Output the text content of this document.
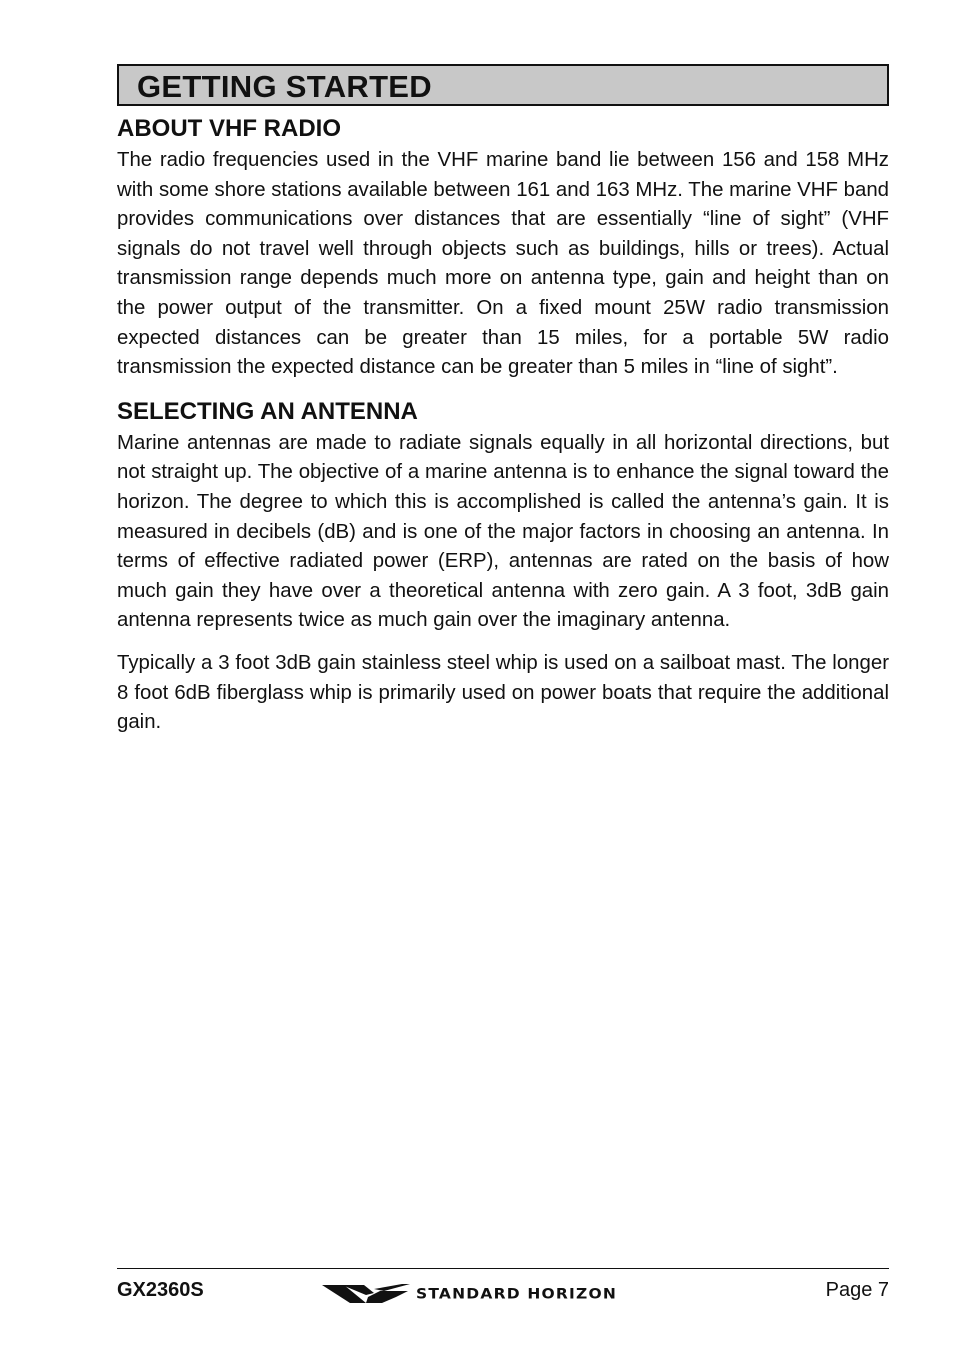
GETTING STARTED
ABOUT VHF RADIO

The radio frequencies used in the VHF marine band lie between 156 and 158 MHz with some shore stations available between 161 and 163 MHz. The marine VHF band provides communications over distances that are essentially “line of sight” (VHF signals do not travel well through objects such as buildings, hills or trees). Actual transmission range depends much more on antenna type, gain and height than on the power output of the transmitter. On a fixed mount 25W radio transmission expected distances can be greater than 15 miles, for a portable 5W radio transmission the expected distance can be greater than 5 miles in “line of sight”.

SELECTING AN ANTENNA

Marine antennas are made to radiate signals equally in all horizontal directions, but not straight up. The objective of a marine antenna is to enhance the signal toward the horizon. The degree to which this is accomplished is called the antenna’s gain. It is measured in decibels (dB) and is one of the major factors in choosing an antenna. In terms of effective radiated power (ERP), antennas are rated on the basis of how much gain they have over a theoretical antenna with zero gain. A 3 foot, 3dB gain antenna represents twice as much gain over the imaginary antenna.

Typically a 3 foot 3dB gain stainless steel whip is used on a sailboat mast. The longer 8 foot 6dB fiberglass whip is primarily used on power boats that require the additional gain.

GX2360S	STANDARD HORIZON	Page 7
